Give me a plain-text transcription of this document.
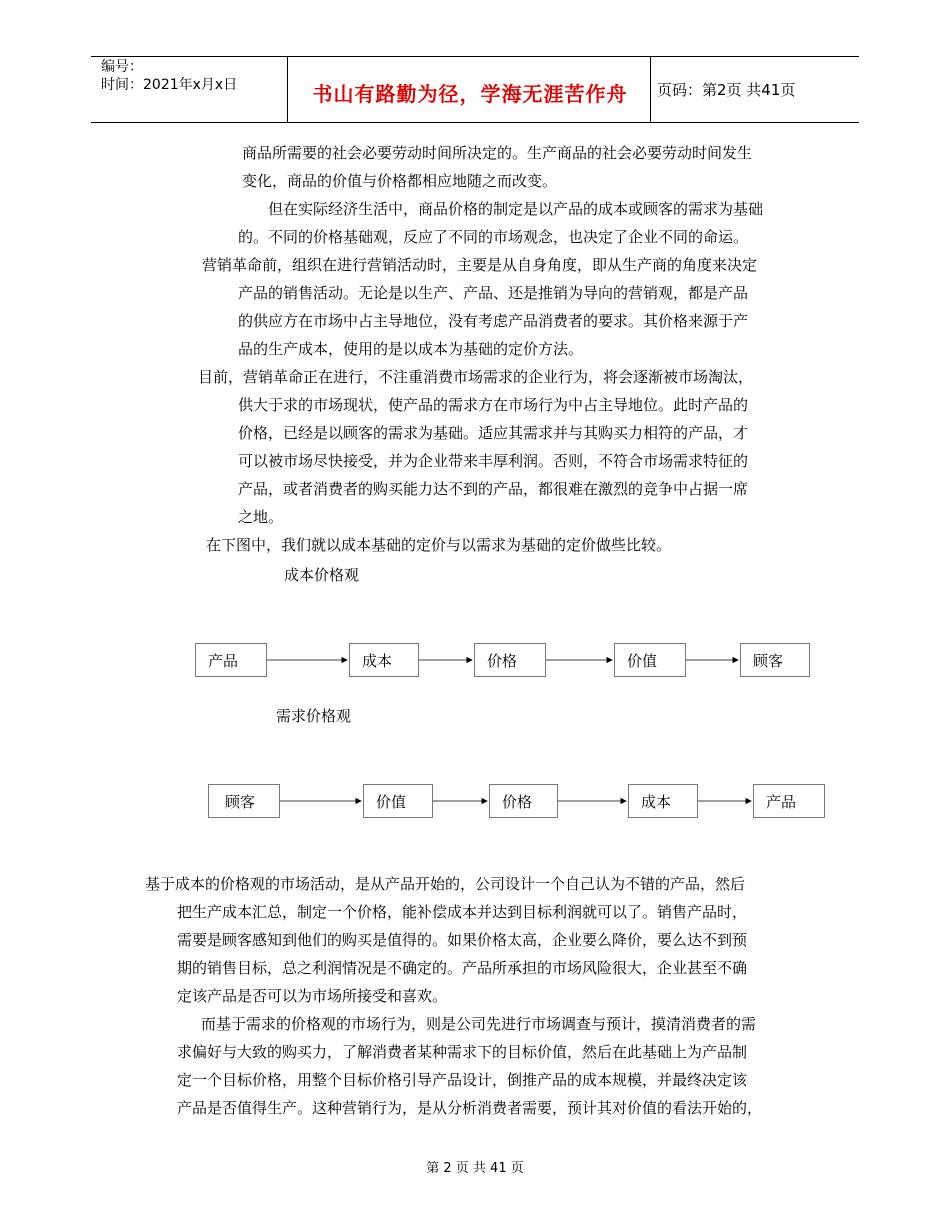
编号：
时间：2021年x月x日	书山有路勤为径，学海无涯苦作舟	页码：第2页 共41页
商品所需要的社会必要劳动时间所决定的。生产商品的社会必要劳动时间发生
变化，商品的价值与价格都相应地随之而改变。
但在实际经济生活中，商品价格的制定是以产品的成本或顾客的需求为基础
的。不同的价格基础观，反应了不同的市场观念，也决定了企业不同的命运。
营销革命前，组织在进行营销活动时，主要是从自身角度，即从生产商的角度来决定
产品的销售活动。无论是以生产、产品、还是推销为导向的营销观，都是产品
的供应方在市场中占主导地位，没有考虑产品消费者的要求。其价格来源于产
品的生产成本，使用的是以成本为基础的定价方法。
目前，营销革命正在进行，不注重消费市场需求的企业行为，将会逐渐被市场淘汰，
供大于求的市场现状，使产品的需求方在市场行为中占主导地位。此时产品的
价格，已经是以顾客的需求为基础。适应其需求并与其购买力相符的产品，才
可以被市场尽快接受，并为企业带来丰厚利润。否则，不符合市场需求特征的
产品，或者消费者的购买能力达不到的产品，都很难在激烈的竞争中占据一席
之地。
在下图中，我们就以成本基础的定价与以需求为基础的定价做些比较。
成本价格观
产品	成本	价格	价值	顾客
需求价格观
顾客	价值	价格	成本	产品
基于成本的价格观的市场活动，是从产品开始的，公司设计一个自己认为不错的产品，然后
把生产成本汇总，制定一个价格，能补偿成本并达到目标利润就可以了。销售产品时，
需要是顾客感知到他们的购买是值得的。如果价格太高，企业要么降价，要么达不到预
期的销售目标，总之利润情况是不确定的。产品所承担的市场风险很大，企业甚至不确
定该产品是否可以为市场所接受和喜欢。
而基于需求的价格观的市场行为，则是公司先进行市场调查与预计，摸清消费者的需
求偏好与大致的购买力，了解消费者某种需求下的目标价值，然后在此基础上为产品制
定一个目标价格，用整个目标价格引导产品设计，倒推产品的成本规模，并最终决定该
产品是否值得生产。这种营销行为，是从分析消费者需要，预计其对价值的看法开始的，
第 2 页 共 41 页
